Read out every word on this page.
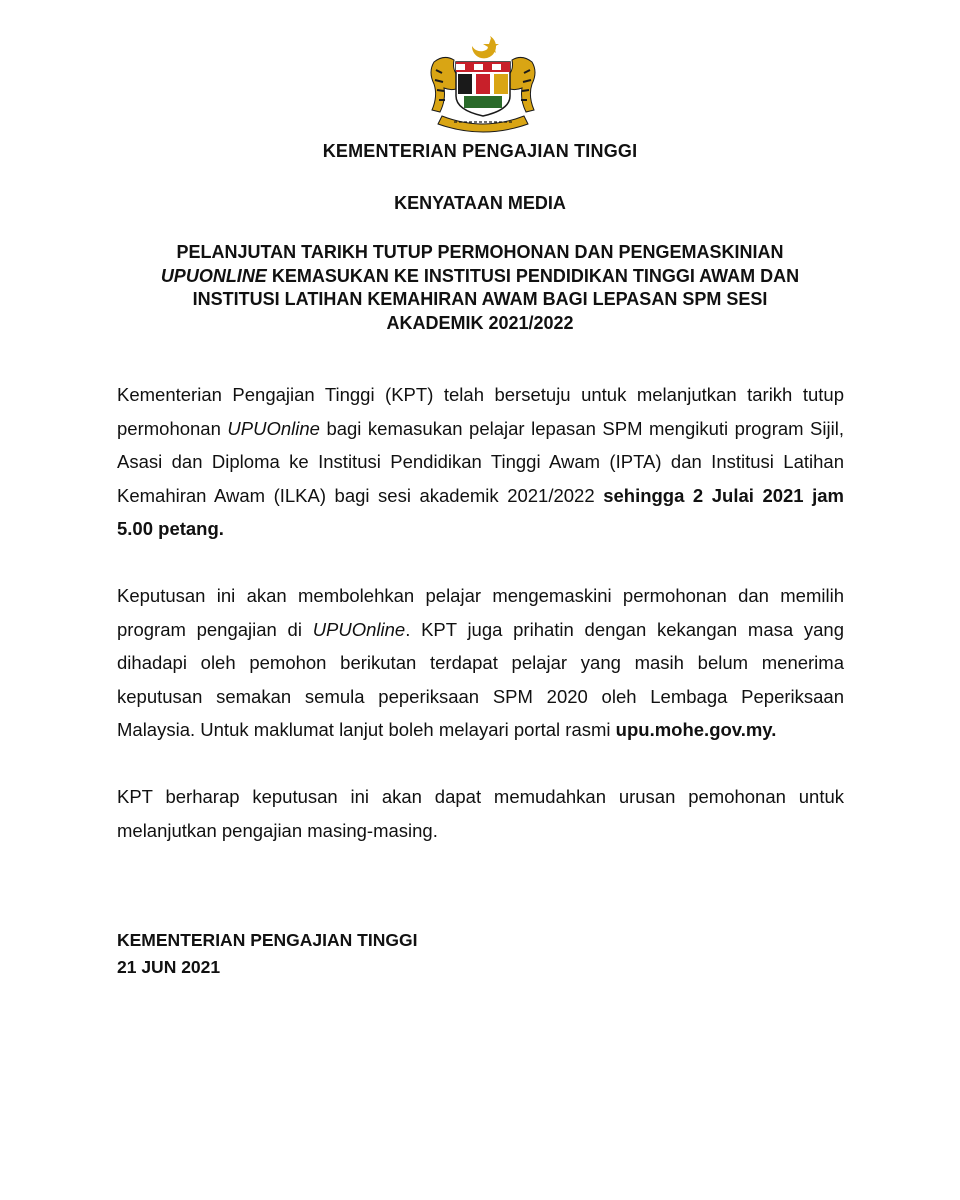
KEMENTERIAN PENGAJIAN TINGGI
KENYATAAN MEDIA
PELANJUTAN TARIKH TUTUP PERMOHONAN DAN PENGEMASKINIAN
UPUONLINE KEMASUKAN KE INSTITUSI PENDIDIKAN TINGGI AWAM DAN
INSTITUSI LATIHAN KEMAHIRAN AWAM BAGI LEPASAN SPM SESI
AKADEMIK 2021/2022
Kementerian Pengajian Tinggi (KPT) telah bersetuju untuk melanjutkan tarikh tutup permohonan UPUOnline bagi kemasukan pelajar lepasan SPM mengikuti program Sijil, Asasi dan Diploma ke Institusi Pendidikan Tinggi Awam (IPTA) dan Institusi Latihan Kemahiran Awam (ILKA) bagi sesi akademik 2021/2022 sehingga 2 Julai 2021 jam 5.00 petang.
Keputusan ini akan membolehkan pelajar mengemaskini permohonan dan memilih program pengajian di UPUOnline. KPT juga prihatin dengan kekangan masa yang dihadapi oleh pemohon berikutan terdapat pelajar yang masih belum menerima keputusan semakan semula peperiksaan SPM 2020 oleh Lembaga Peperiksaan Malaysia. Untuk maklumat lanjut boleh melayari portal rasmi upu.mohe.gov.my.
KPT berharap keputusan ini akan dapat memudahkan urusan pemohonan untuk melanjutkan pengajian masing-masing.
KEMENTERIAN PENGAJIAN TINGGI
21 JUN 2021
